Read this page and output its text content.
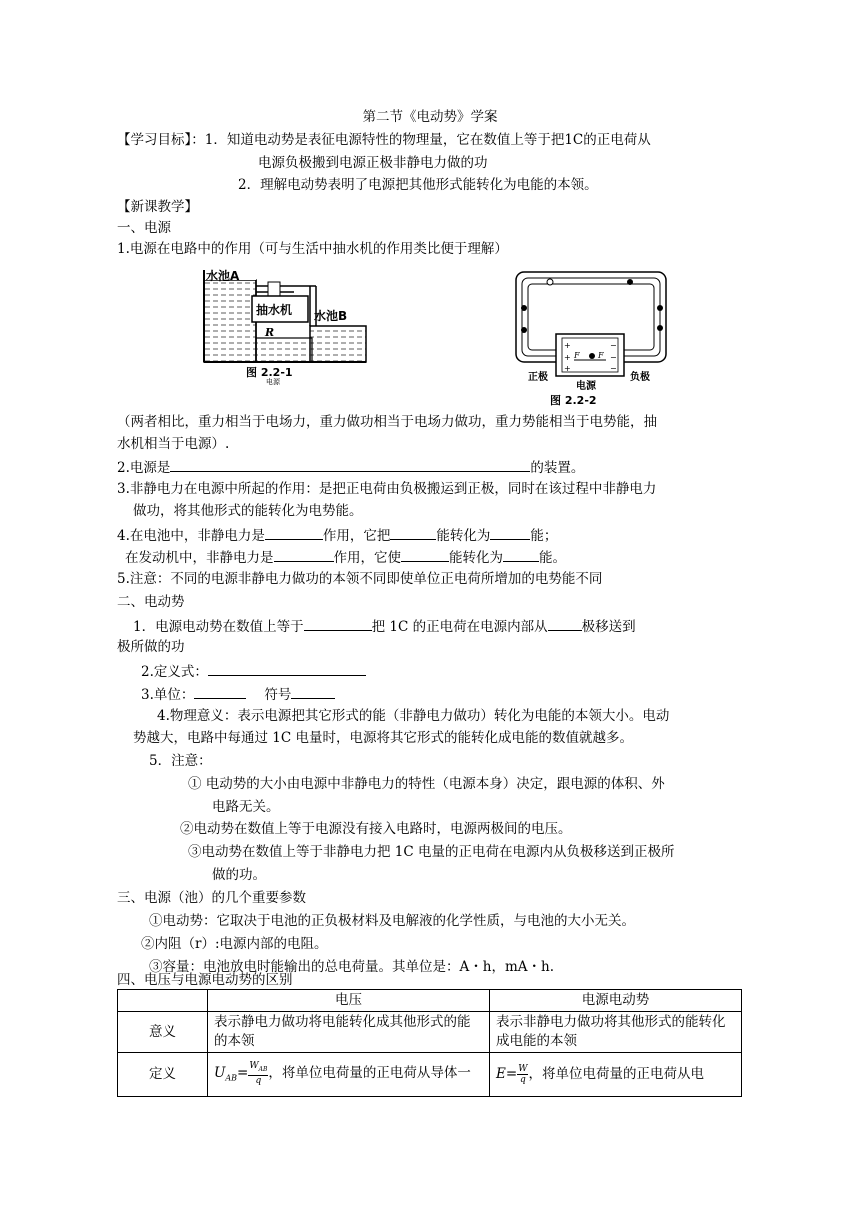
第二节《电动势》学案
【学习目标】：1．知道电动势是表征电源特性的物理量，它在数值上等于把1C的正电荷从
电源负极搬到电源正极非静电力做的功
2．理解电动势表明了电源把其他形式能转化为电能的本领。
【新课教学】
一、电源
1.电源在电路中的作用（可与生活中抽水机的作用类比便于理解）
水池A
抽水机 水池B
R
图 2.2-1
电源
+
+
+
−
−
−
F F
正极
电源
负极
图 2.2-2
（两者相比，重力相当于电场力，重力做功相当于电场力做功，重力势能相当于电势能，抽
水机相当于电源）.
2.电源是	的装置。
3.非静电力在电源中所起的作用：是把正电荷由负极搬运到正极，同时在该过程中非静电力
做功，将其他形式的能转化为电势能。
4.在电池中，非静电力是	作用，它把	能转化为	能；
在发动机中，非静电力是	作用，它使	能转化为	能。
5.注意：不同的电源非静电力做功的本领不同即使单位正电荷所增加的电势能不同
二、电动势
1．电源电动势在数值上等于	把 1C 的正电荷在电源内部从	极移送到
极所做的功
2.定义式：
3.单位：	符号
4.物理意义：表示电源把其它形式的能（非静电力做功）转化为电能的本领大小。电动
势越大，电路中每通过 1C 电量时，电源将其它形式的能转化成电能的数值就越多。
5．注意：
① 电动势的大小由电源中非静电力的特性（电源本身）决定，跟电源的体积、外
电路无关。
②电动势在数值上等于电源没有接入电路时，电源两极间的电压。
③电动势在数值上等于非静电力把 1C 电量的正电荷在电源内从负极移送到正极所
做的功。
三、电源（池）的几个重要参数
①电动势：它取决于电池的正负极材料及电解液的化学性质，与电池的大小无关。
②内阻（r）:电源内部的电阻。
③容量：电池放电时能输出的总电荷量。其单位是：A・h，mA・h.
四、电压与电源电动势的区别
	电压	电源电动势
意义	表示静电力做功将电能转化成其他形式的能的本领	表示非静电力做功将其他形式的能转化成电能的本领
定义	$U_{AB}= \frac{W_{AB}}{q}$ ，将单位电荷量的正电荷从导体一	$E= \frac{W}{q}$ ，将单位电荷量的正电荷从电
